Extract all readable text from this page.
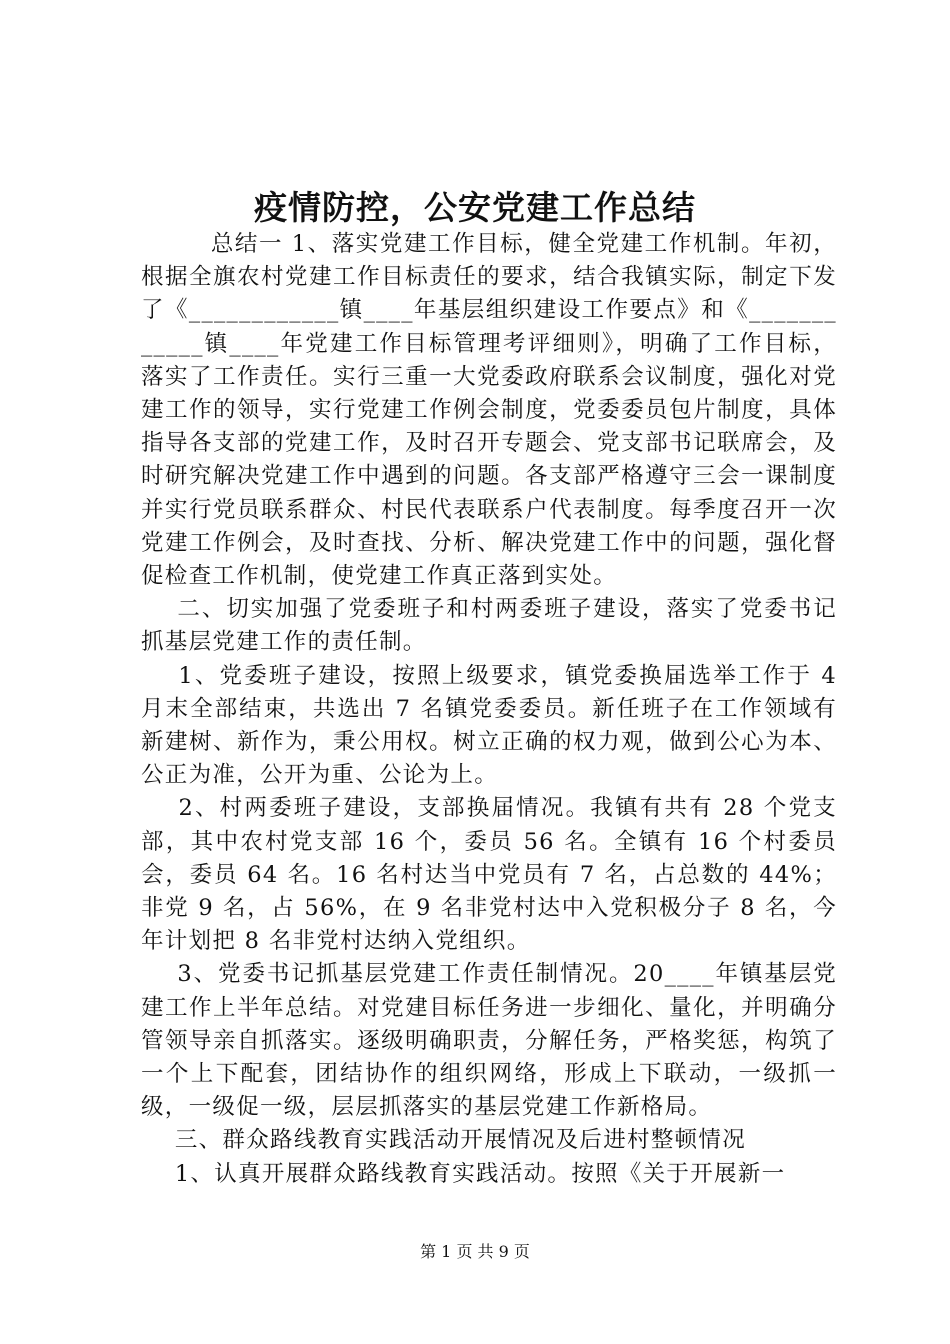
疫情防控，公安党建工作总结

总结一 1、落实党建工作目标，健全党建工作机制。年初，根据全旗农村党建工作目标责任的要求，结合我镇实际，制定下发了《____________镇____年基层组织建设工作要点》和《____________镇____年党建工作目标管理考评细则》，明确了工作目标，落实了工作责任。实行三重一大党委政府联系会议制度，强化对党建工作的领导，实行党建工作例会制度，党委委员包片制度，具体指导各支部的党建工作，及时召开专题会、党支部书记联席会，及时研究解决党建工作中遇到的问题。各支部严格遵守三会一课制度并实行党员联系群众、村民代表联系户代表制度。每季度召开一次党建工作例会，及时查找、分析、解决党建工作中的问题，强化督促检查工作机制，使党建工作真正落到实处。

二、切实加强了党委班子和村两委班子建设，落实了党委书记抓基层党建工作的责任制。

1、党委班子建设，按照上级要求，镇党委换届选举工作于 4 月末全部结束，共选出 7 名镇党委委员。新任班子在工作领域有新建树、新作为，秉公用权。树立正确的权力观，做到公心为本、公正为准，公开为重、公论为上。

2、村两委班子建设，支部换届情况。我镇有共有 28 个党支部，其中农村党支部 16 个，委员 56 名。全镇有 16 个村委员会，委员 64 名。16 名村达当中党员有 7 名，占总数的 44%；非党 9 名，占 56%，在 9 名非党村达中入党积极分子 8 名，今年计划把 8 名非党村达纳入党组织。

3、党委书记抓基层党建工作责任制情况。20____年镇基层党建工作上半年总结。对党建目标任务进一步细化、量化，并明确分管领导亲自抓落实。逐级明确职责，分解任务，严格奖惩，构筑了一个上下配套，团结协作的组织网络，形成上下联动，一级抓一级，一级促一级，层层抓落实的基层党建工作新格局。

三、群众路线教育实践活动开展情况及后进村整顿情况

1、认真开展群众路线教育实践活动。按照《关于开展新一

第 1 页 共 9 页
